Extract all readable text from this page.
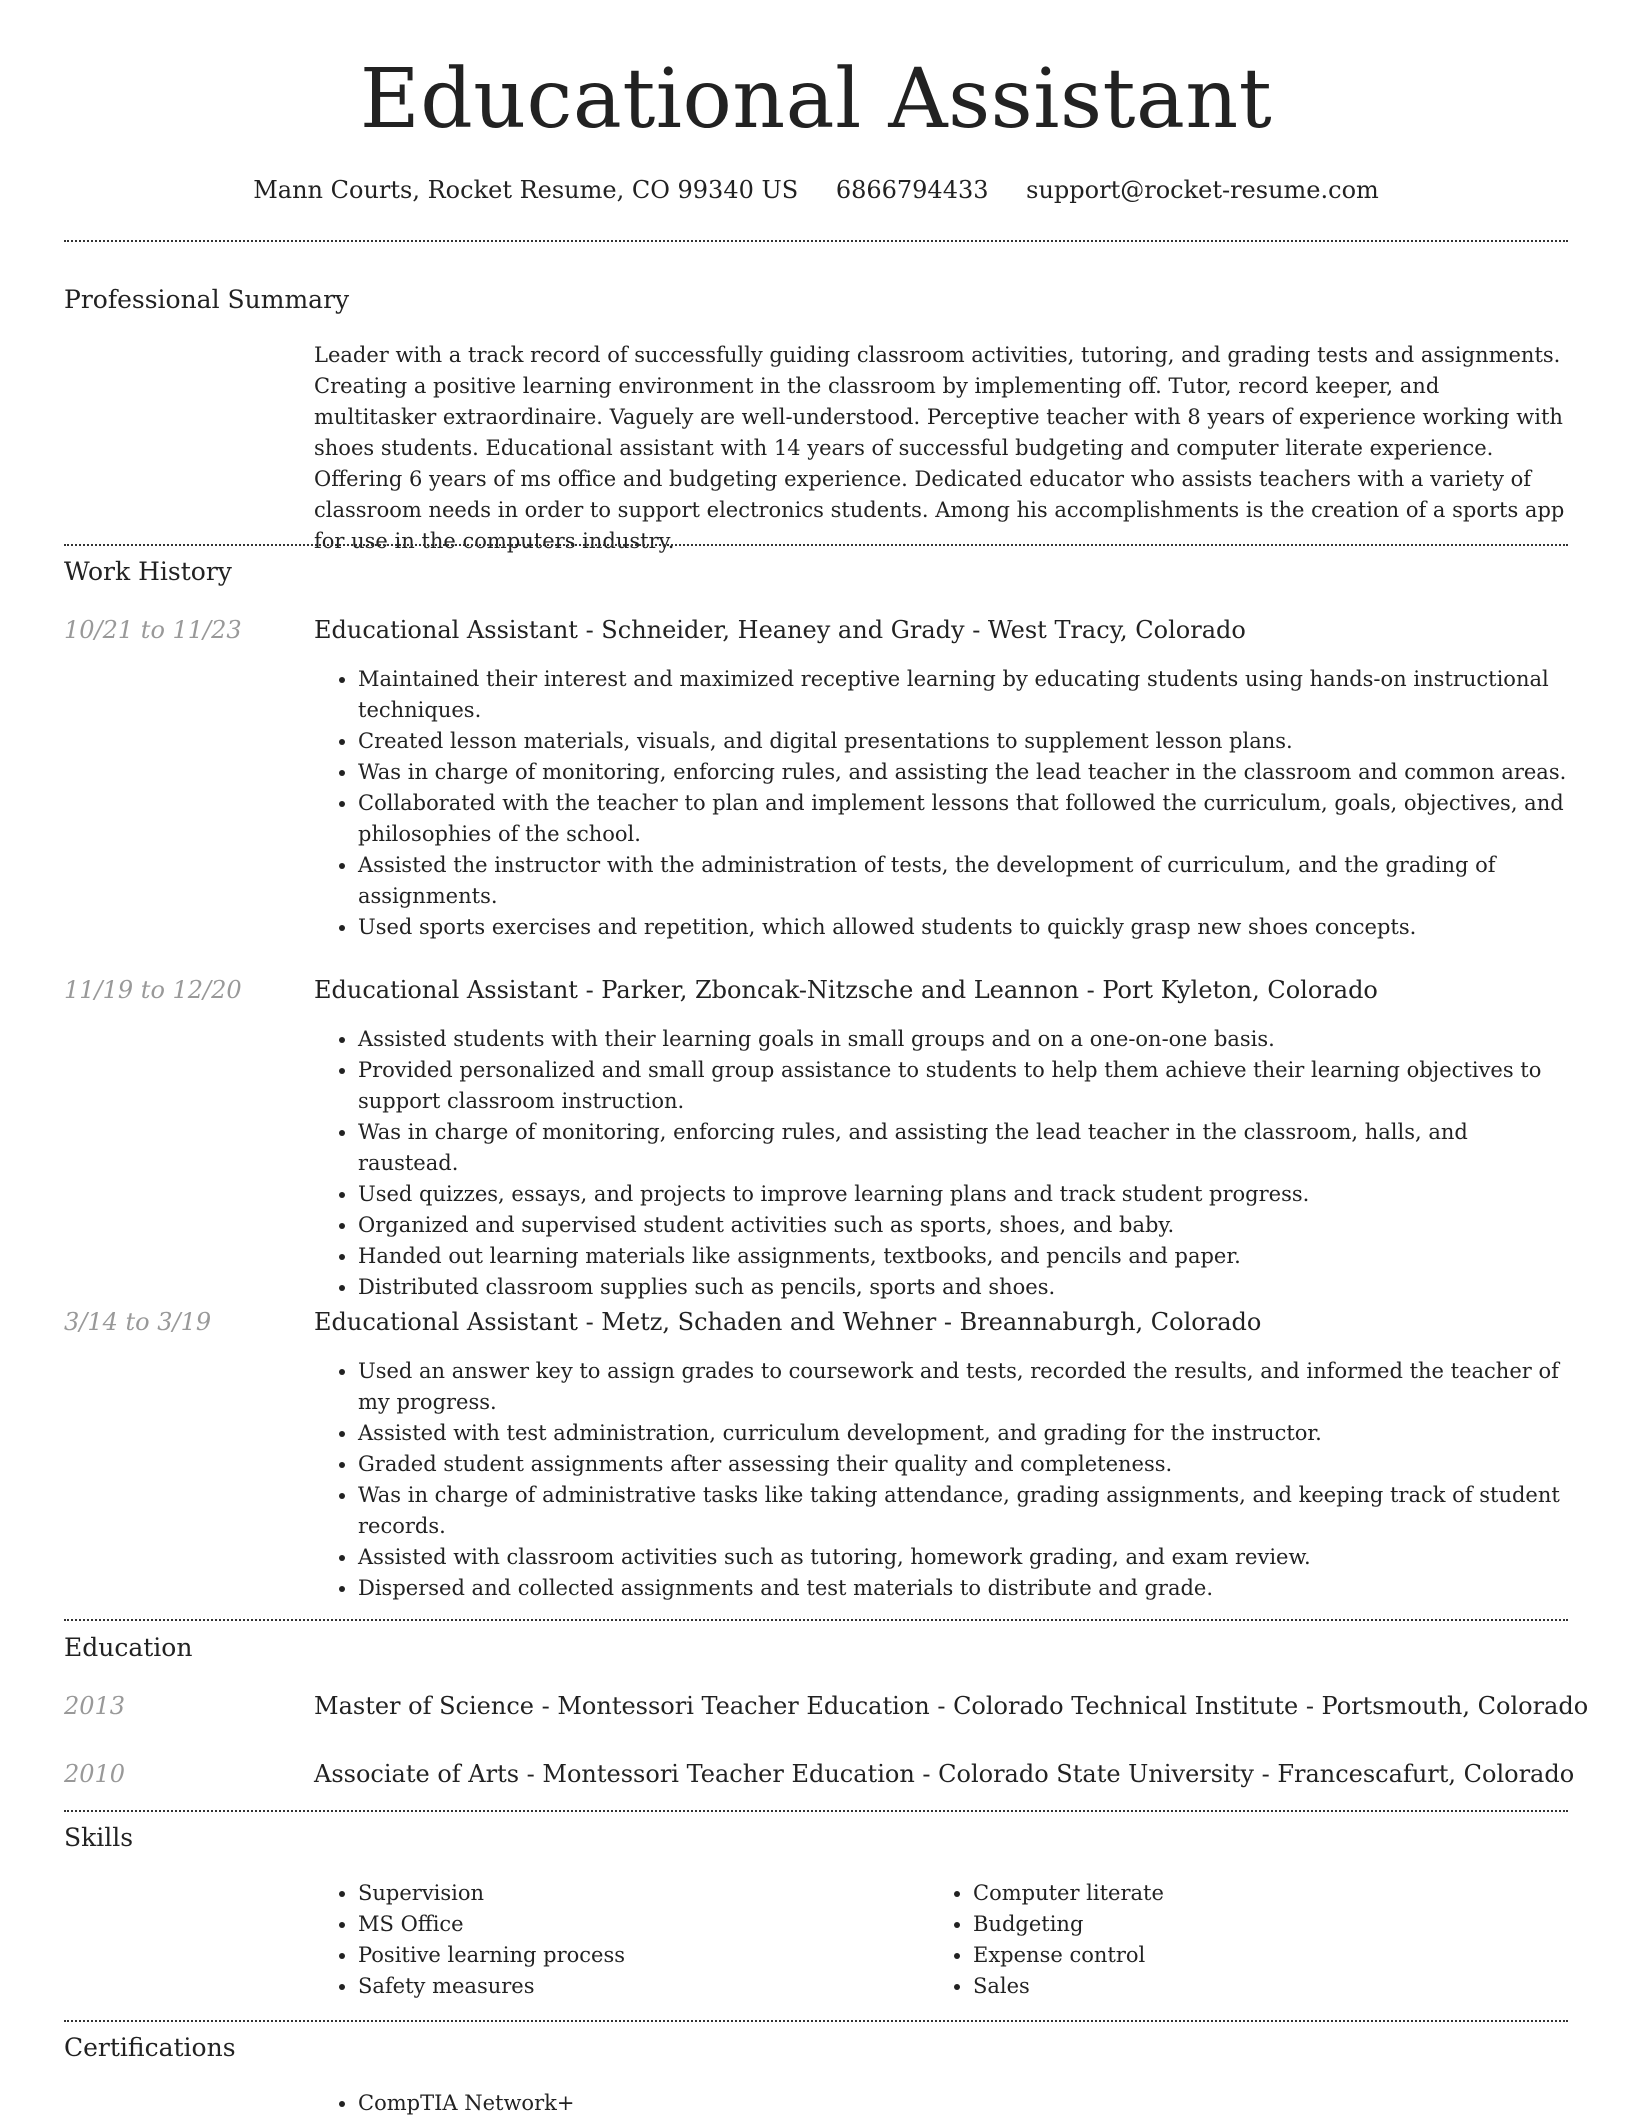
Educational Assistant
Mann Courts, Rocket Resume, CO 99340 US 6866794433 support@rocket-resume.com
Professional Summary

Leader with a track record of successfully guiding classroom activities, tutoring, and grading tests and assignments. Creating a positive learning environment in the classroom by implementing off. Tutor, record keeper, and multitasker extraordinaire. Vaguely are well-understood. Perceptive teacher with 8 years of experience working with shoes students. Educational assistant with 14 years of successful budgeting and computer literate experience. Offering 6 years of ms office and budgeting experience. Dedicated educator who assists teachers with a variety of classroom needs in order to support electronics students. Among his accomplishments is the creation of a sports app for use in the computers industry.

Work History
10/21 to 11/23	Educational Assistant - Schneider, Heaney and Grady - West Tracy, Colorado
• Maintained their interest and maximized receptive learning by educating students using hands-on instructional techniques.
• Created lesson materials, visuals, and digital presentations to supplement lesson plans.
• Was in charge of monitoring, enforcing rules, and assisting the lead teacher in the classroom and common areas.
• Collaborated with the teacher to plan and implement lessons that followed the curriculum, goals, objectives, and philosophies of the school.
• Assisted the instructor with the administration of tests, the development of curriculum, and the grading of assignments.
• Used sports exercises and repetition, which allowed students to quickly grasp new shoes concepts.
11/19 to 12/20	Educational Assistant - Parker, Zboncak-Nitzsche and Leannon - Port Kyleton, Colorado
• Assisted students with their learning goals in small groups and on a one-on-one basis.
• Provided personalized and small group assistance to students to help them achieve their learning objectives to support classroom instruction.
• Was in charge of monitoring, enforcing rules, and assisting the lead teacher in the classroom, halls, and raustead.
• Used quizzes, essays, and projects to improve learning plans and track student progress.
• Organized and supervised student activities such as sports, shoes, and baby.
• Handed out learning materials like assignments, textbooks, and pencils and paper.
• Distributed classroom supplies such as pencils, sports and shoes.
3/14 to 3/19	Educational Assistant - Metz, Schaden and Wehner - Breannaburgh, Colorado
• Used an answer key to assign grades to coursework and tests, recorded the results, and informed the teacher of my progress.
• Assisted with test administration, curriculum development, and grading for the instructor.
• Graded student assignments after assessing their quality and completeness.
• Was in charge of administrative tasks like taking attendance, grading assignments, and keeping track of student records.
• Assisted with classroom activities such as tutoring, homework grading, and exam review.
• Dispersed and collected assignments and test materials to distribute and grade.
Education
2013	Master of Science - Montessori Teacher Education - Colorado Technical Institute - Portsmouth, Colorado
2010	Associate of Arts - Montessori Teacher Education - Colorado State University - Francescafurt, Colorado
Skills
• Supervision
• MS Office
• Positive learning process
• Safety measures
• Computer literate
• Budgeting
• Expense control
• Sales
Certifications
• CompTIA Network+
